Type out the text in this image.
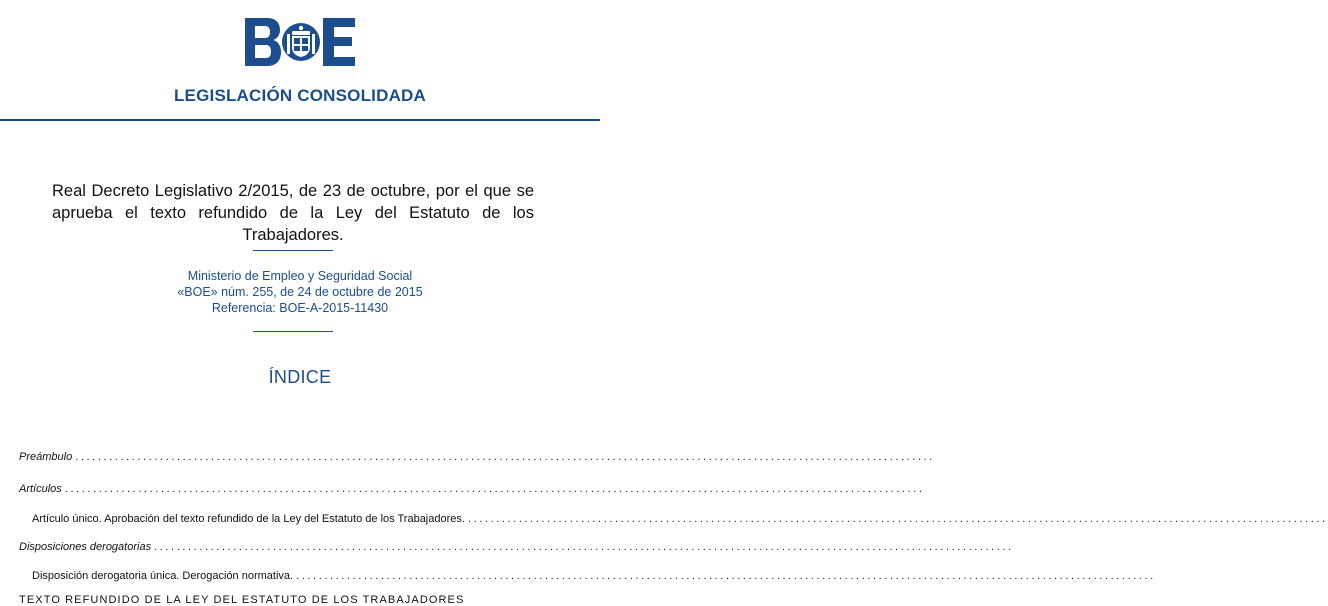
LEGISLACIÓN CONSOLIDADA
Real Decreto Legislativo 2/2015, de 23 de octubre, por el que se aprueba el texto refundido de la Ley del Estatuto de los Trabajadores.
Ministerio de Empleo y Seguridad Social
«BOE» núm. 255, de 24 de octubre de 2015
Referencia: BOE-A-2015-11430
ÍNDICE
Preámbulo ........................................................................................................................................................
Artículos ........................................................................................................................................................
Artículo único. Aprobación del texto refundido de la Ley del Estatuto de los Trabajadores. ........................................................................................................................................................
Disposiciones derogatorias ........................................................................................................................................................
Disposición derogatoria única. Derogación normativa. ........................................................................................................................................................
TEXTO REFUNDIDO DE LA LEY DEL ESTATUTO DE LOS TRABAJADORES
